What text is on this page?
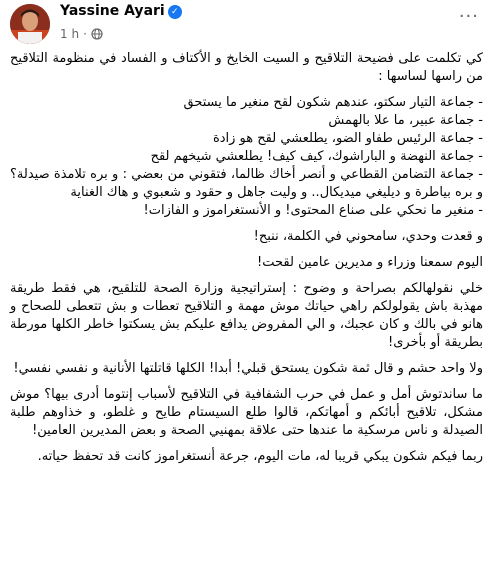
Yassine Ayari ✓
1 h ·
···

كي تكلمت على فضيحة التلاقيح و السيت الخايخ و الأكتاف و الفساد في منظومة التلاقيح من راسها لساسها :

- جماعة التيار سكتو، عندهم شكون لقح منغير ما يستحق
- جماعة عبير، ما علا بالهمش
- جماعة الرئيس طفاو الضو، يطلعشي لقح هو زادة
- جماعة النهضة و الباراشوك، كيف كيف! يطلعشي شيخهم لقح
- جماعة التضامن القطاعي و أنصر أخاك ظالما، فتقوني من بعضي : و بره تلامذة صيدلة؟ و بره بياطرة و ديليغي ميديكال.. و وليت جاهل و حقود و شعبوي و هاك الغناية
- منغير ما نحكي على صناع المحتوى! و الأنستغراموز و الفازات!

و قعدت وحدي، سامحوني في الكلمة، ننبح!

اليوم سمعنا وزراء و مديرين عامين لقحت!

خلي نقولهالكم بصراحة و وضوح : إستراتيجية وزارة الصحة للتلقيح، هي فقط طريقة مهذبة باش يقولولكم راهي حياتك موش مهمة و التلاقيح تعطات و بش تتعطى للصحاح و هانو في بالك و كان عجبك، و الي المفروض يدافع عليكم بش يسكتوا خاطر الكلها مورطة بطريقة أو بأخرى!

ولا واحد حشم و قال ثمة شكون يستحق قبلي! أبدا! الكلها قاتلتها الأنانية و نفسي نفسي!

ما ساندتوش أمل و عمل في حرب الشفافية في التلاقيح لأسباب إنتوما أدرى بيها؟ موش مشكل، تلاقيح أبائكم و أمهاتكم، قالوا طلع السيستام طايح و غلطو، و خذاوهم طلبة الصيدلة و ناس مرسكية ما عندها حتى علاقة بمهنيي الصحة و بعض المديرين العامين!

ربما فيكم شكون يبكي قريبا له، مات اليوم، جرعة أنستغراموز كانت قد تحفظ حياته.
